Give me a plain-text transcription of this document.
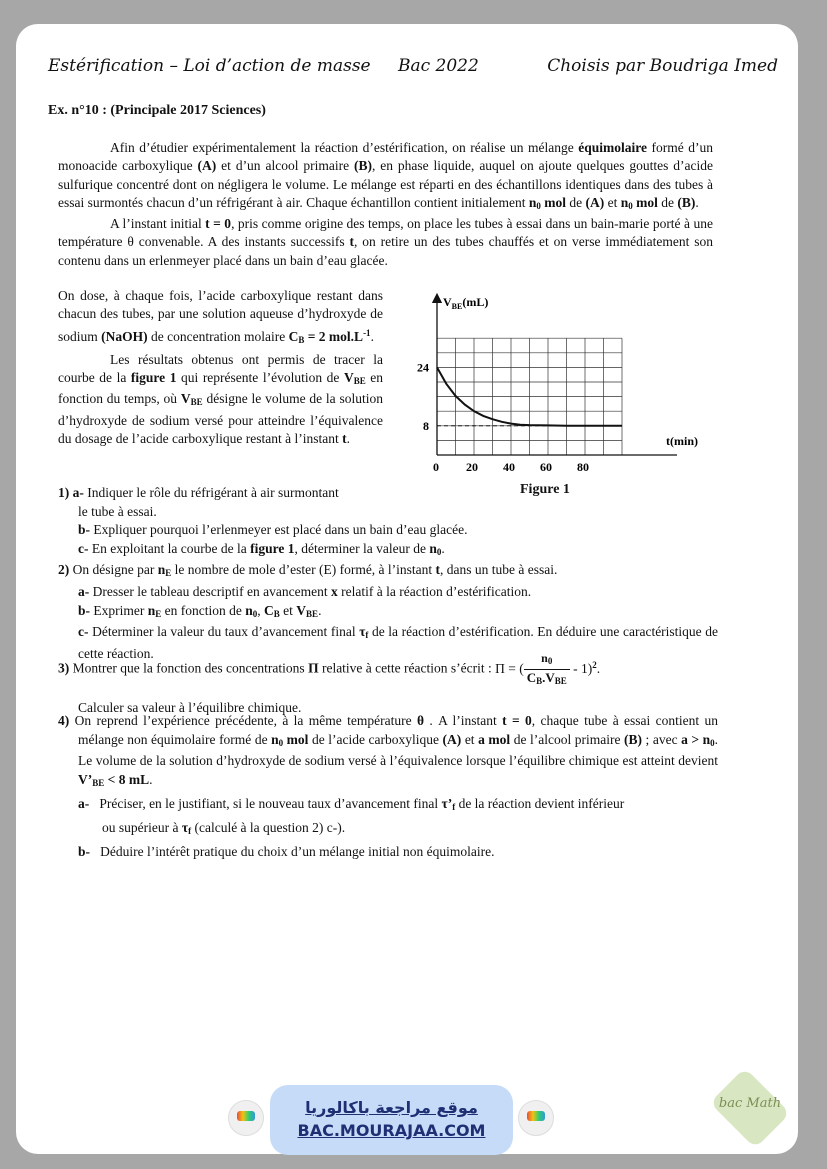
Estérification – Loi d’action de masse Bac 2022	Choisis par Boudriga Imed
Ex. n°10 : (Principale 2017 Sciences)

Afin d’étudier expérimentalement la réaction d’estérification, on réalise un mélange équimolaire formé d’un monoacide carboxylique (A) et d’un alcool primaire (B), en phase liquide, auquel on ajoute quelques gouttes d’acide sulfurique concentré dont on négligera le volume. Le mélange est réparti en des échantillons identiques dans des tubes à essai surmontés chacun d’un réfrigérant à air. Chaque échantillon contient initialement $n_0$ mol de (A) et $n_0$ mol de (B).

A l’instant initial t = 0, pris comme origine des temps, on place les tubes à essai dans un bain-marie porté à une température θ convenable. A des instants successifs t, on retire un des tubes chauffés et on verse immédiatement son contenu dans un erlenmeyer placé dans un bain d’eau glacée.

On dose, à chaque fois, l’acide carboxylique restant dans chacun des tubes, par une solution aqueuse d’hydroxyde de sodium (NaOH) de concentration molaire $C_B = 2$ $mol.L^{-1}$.

Les résultats obtenus ont permis de tracer la courbe de la figure 1 qui représente l’évolution de $V_{BE}$ en fonction du temps, où $V_{BE}$ désigne le volume de la solution d’hydroxyde de sodium versé pour atteindre l’équivalence du dosage de l’acide carboxylique restant à l’instant t.

$V_{BE}(mL)$
t(min)
0 20 40 60 80
24
8
Figure 1
1) a- Indiquer le rôle du réfrigérant à air surmontant
le tube à essai.
b- Expliquer pourquoi l’erlenmeyer est placé dans un bain d’eau glacée.
c- En exploitant la courbe de la figure 1, déterminer la valeur de $n_0$.
2) On désigne par $n_E$ le nombre de mole d’ester (E) formé, à l’instant t, dans un tube à essai.
a- Dresser le tableau descriptif en avancement x relatif à la réaction d’estérification.
b- Exprimer $n_E$ en fonction de $n_0$, $C_B$ et $V_{BE}$.
c- Déterminer la valeur du taux d’avancement final $\tau_f$ de la réaction d’estérification. En déduire une caractéristique de cette réaction.
3) Montrer que la fonction des concentrations Π relative à cette réaction s’écrit : Π = ( $\frac{n_0}{C_B.V_{BE}} - 1)^2$.
Calculer sa valeur à l’équilibre chimique.
4) On reprend l’expérience précédente, à la même température θ . A l’instant t = 0, chaque tube à essai contient un mélange non équimolaire formé de $n_0$ mol de l’acide carboxylique (A) et a mol de l’alcool primaire (B) ; avec $a > n_0$. Le volume de la solution d’hydroxyde de sodium versé à l’équivalence lorsque l’équilibre chimique est atteint devient $V’_{BE} < 8$ mL.
a- Préciser, en le justifiant, si le nouveau taux d’avancement final $\tau’_f$ de la réaction devient inférieur
ou supérieur à $\tau_f$ (calculé à la question 2) c-).
b- Déduire l’intérêt pratique du choix d’un mélange initial non équimolaire.
موقع مراجعة باكالوريا
BAC.MOURAJAA.COM
bac Math
